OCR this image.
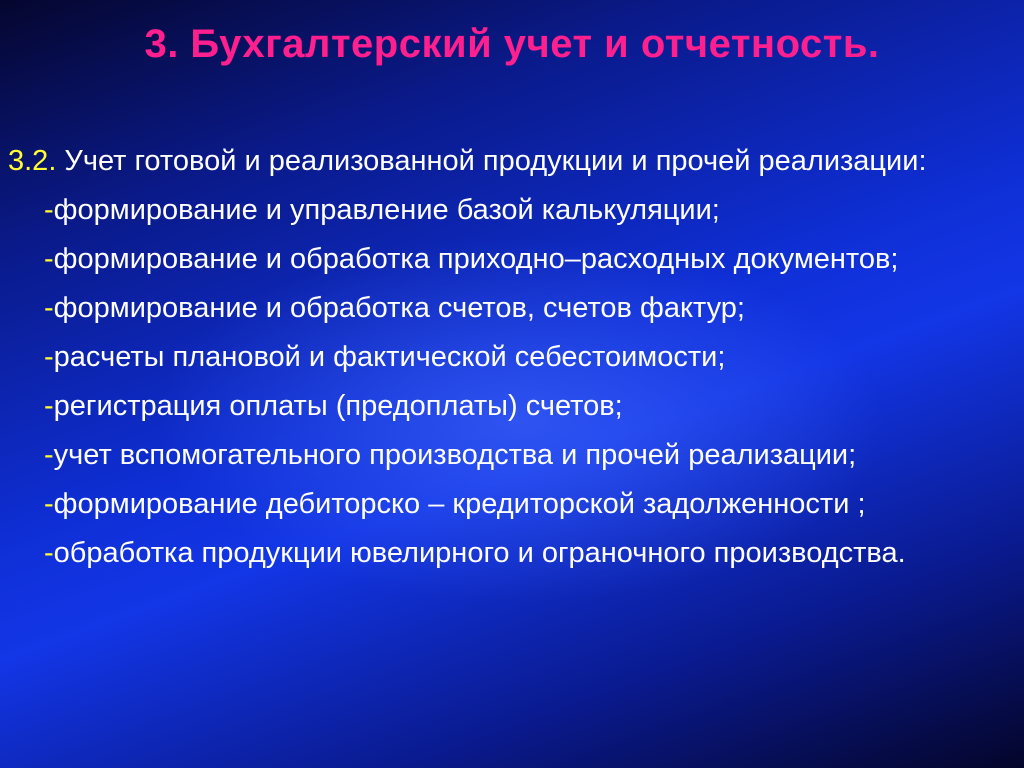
3. Бухгалтерский учет и отчетность.

3.2. Учет готовой и реализованной продукции и прочей реализации:

-формирование и управление базой калькуляции;

-формирование и обработка приходно–расходных документов;

-формирование и обработка счетов, счетов фактур;

-расчеты плановой и фактической себестоимости;

-регистрация оплаты (предоплаты) счетов;

-учет вспомогательного производства и прочей реализации;

-формирование дебиторско – кредиторской задолженности ;

-обработка продукции ювелирного и ограночного производства.
